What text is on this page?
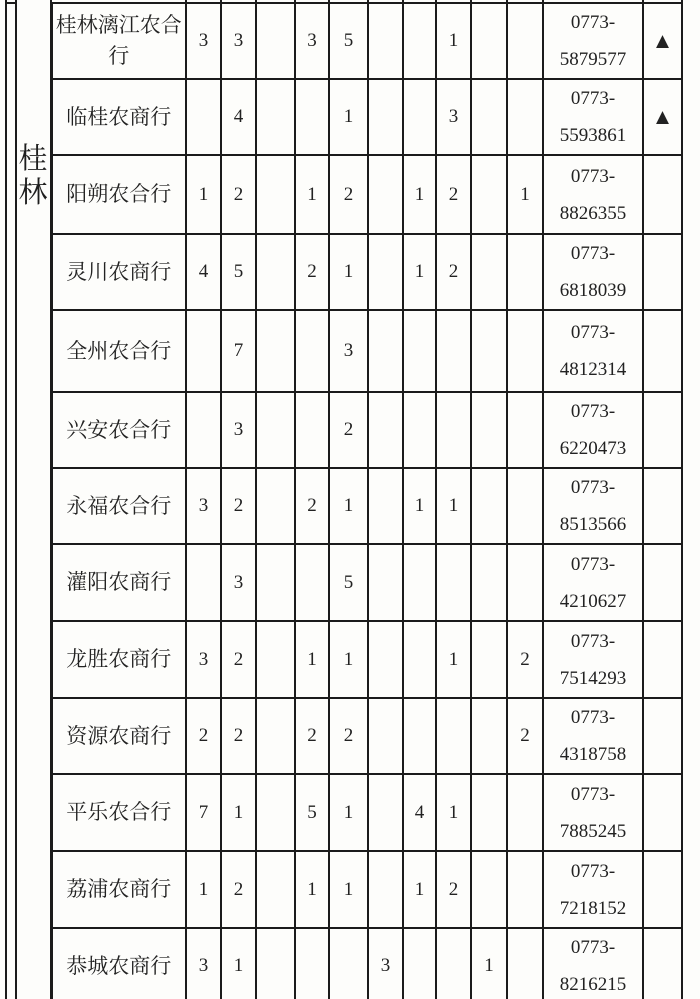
		桂林漓江农合行	3	3		3	5			1			0773-
5879577	▲
		临桂农商行		4			1			3			0773-
5593861	▲
		阳朔农合行	1	2		1	2		1	2		1	0773-
8826355	

		灵川农商行	4	5		2	1		1	2			0773-
6818039	

		全州农合行		7			3						0773-
4812314	

		兴安农合行		3			2						0773-
6220473	

		永福农合行	3	2		2	1		1	1			0773-
8513566	

		灌阳农商行		3			5						0773-
4210627	

		龙胜农商行	3	2		1	1			1		2	0773-
7514293	

		资源农商行	2	2		2	2					2	0773-
4318758	

		平乐农合行	7	1		5	1		4	1			0773-
7885245	

		荔浦农商行	1	2		1	1		1	2			0773-
7218152	

		恭城农商行	3	1				3			1		0773-
8216215	

桂林
